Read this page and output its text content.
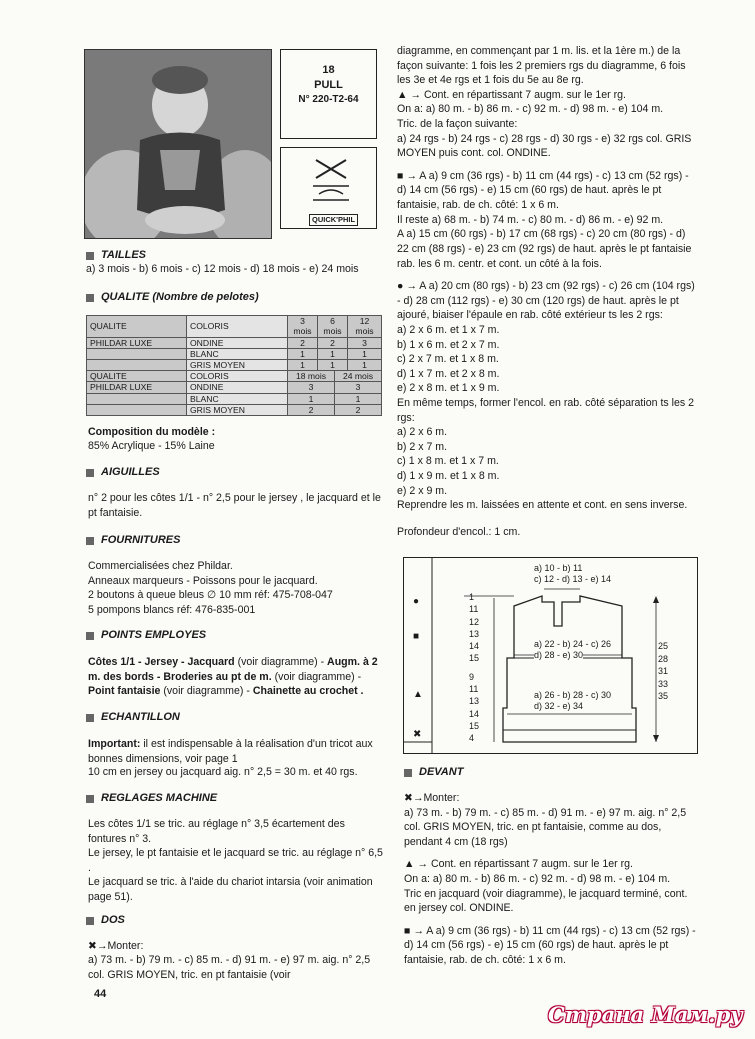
18
PULL
N° 220-T2-64
QUICK'PHIL
TAILLES

a) 3 mois - b) 6 mois - c) 12 mois - d) 18 mois - e) 24 mois

QUALITE (Nombre de pelotes)
QUALITE	COLORIS	3 mois	6 mois	12 mois
PHILDAR LUXE	ONDINE	2	2	3
	BLANC	1	1	1
	GRIS MOYEN	1	1	1
QUALITE	COLORIS	18 mois	24 mois
PHILDAR LUXE	ONDINE	3	3
	BLANC	1	1
	GRIS MOYEN	2	2

Composition du modèle :

85% Acrylique - 15% Laine

AIGUILLES

n° 2 pour les côtes 1/1 - n° 2,5 pour le jersey , le jacquard et le pt fantaisie.

FOURNITURES

Commercialisées chez Phildar.

Anneaux marqueurs - Poissons pour le jacquard.

2 boutons à queue bleus ∅ 10 mm réf: 475-708-047

5 pompons blancs réf: 476-835-001

POINTS EMPLOYES

Côtes 1/1 - Jersey - Jacquard (voir diagramme) - Augm. à 2 m. des bords - Broderies au pt de m. (voir diagramme) - Point fantaisie (voir diagramme) - Chainette au crochet .

ECHANTILLON

Important: il est indispensable à la réalisation d'un tricot aux bonnes dimensions, voir page 1

10 cm en jersey ou jacquard aig. n° 2,5 = 30 m. et 40 rgs.

REGLAGES MACHINE

Les côtes 1/1 se tric. au réglage n° 3,5 écartement des fontures n° 3.

Le jersey, le pt fantaisie et le jacquard se tric. au réglage n° 6,5 .

Le jacquard se tric. à l'aide du chariot intarsia (voir animation page 51).

DOS

✖→Monter:

a) 73 m. - b) 79 m. - c) 85 m. - d) 91 m. - e) 97 m. aig. n° 2,5 col. GRIS MOYEN, tric. en pt fantaisie (voir

44

diagramme, en commençant par 1 m. lis. et la 1ère m.) de la façon suivante: 1 fois les 2 premiers rgs du diagramme, 6 fois les 3e et 4e rgs et 1 fois du 5e au 8e rg.

▲ → Cont. en répartissant 7 augm. sur le 1er rg.

On a: a) 80 m. - b) 86 m. - c) 92 m. - d) 98 m. - e) 104 m.

Tric. de la façon suivante:

a) 24 rgs - b) 24 rgs - c) 28 rgs - d) 30 rgs - e) 32 rgs col. GRIS MOYEN puis cont. col. ONDINE.

■ → A a) 9 cm (36 rgs) - b) 11 cm (44 rgs) - c) 13 cm (52 rgs) - d) 14 cm (56 rgs) - e) 15 cm (60 rgs) de haut. après le pt fantaisie, rab. de ch. côté: 1 x 6 m.

Il reste a) 68 m. - b) 74 m. - c) 80 m. - d) 86 m. - e) 92 m.

A a) 15 cm (60 rgs) - b) 17 cm (68 rgs) - c) 20 cm (80 rgs) - d) 22 cm (88 rgs) - e) 23 cm (92 rgs) de haut. après le pt fantaisie rab. les 6 m. centr. et cont. un côté à la fois.

● → A a) 20 cm (80 rgs) - b) 23 cm (92 rgs) - c) 26 cm (104 rgs) - d) 28 cm (112 rgs) - e) 30 cm (120 rgs) de haut. après le pt ajouré, biaiser l'épaule en rab. côté extérieur ts les 2 rgs:

a) 2 x 6 m. et 1 x 7 m.

b) 1 x 6 m. et 2 x 7 m.

c) 2 x 7 m. et 1 x 8 m.

d) 1 x 7 m. et 2 x 8 m.

e) 2 x 8 m. et 1 x 9 m.

En même temps, former l'encol. en rab. côté séparation ts les 2 rgs:

a) 2 x 6 m.

b) 2 x 7 m.

c) 1 x 8 m. et 1 x 7 m.

d) 1 x 9 m. et 1 x 8 m.

e) 2 x 9 m.

Reprendre les m. laissées en attente et cont. en sens inverse.

Profondeur d'encol.: 1 cm.

●
■
▲
✖
a) 10 - b) 11
c) 12 - d) 13 - e) 14
a) 22 - b) 24 - c) 26
d) 28 - e) 30
a) 26 - b) 28 - c) 30
d) 32 - e) 34
1
11
12
13
14
15
9
11
13
14
15
4
25
28
31
33
35
DEVANT

✖→Monter:

a) 73 m. - b) 79 m. - c) 85 m. - d) 91 m. - e) 97 m. aig. n° 2,5 col. GRIS MOYEN, tric. en pt fantaisie, comme au dos, pendant 4 cm (18 rgs)

▲ → Cont. en répartissant 7 augm. sur le 1er rg.

On a: a) 80 m. - b) 86 m. - c) 92 m. - d) 98 m. - e) 104 m.

Tric en jacquard (voir diagramme), le jacquard terminé, cont. en jersey col. ONDINE.

■ → A a) 9 cm (36 rgs) - b) 11 cm (44 rgs) - c) 13 cm (52 rgs) - d) 14 cm (56 rgs) - e) 15 cm (60 rgs) de haut. après le pt fantaisie, rab. de ch. côté: 1 x 6 m.

Страна Мам.ру
